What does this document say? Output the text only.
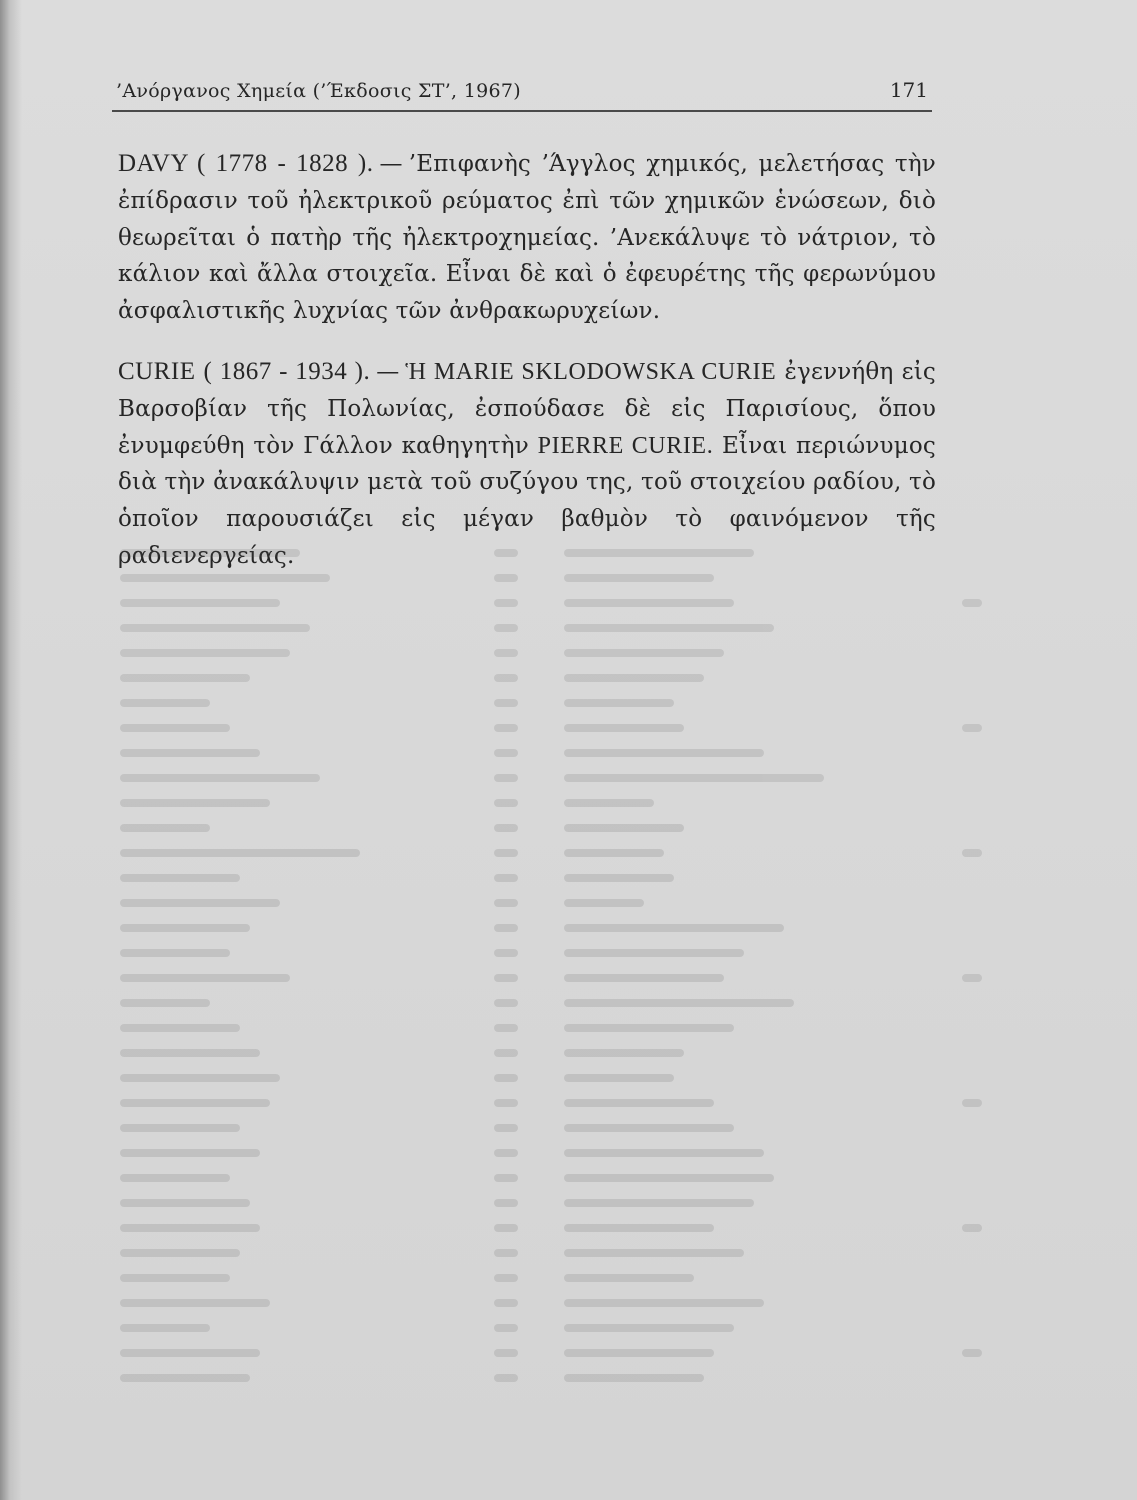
’Ανόργανος Χημεία (’Έκδοσις ΣΤ’, 1967)	171

DAVY ( 1778 - 1828 ). — ’Επιφανὴς ’Άγγλος χημικός, μελετήσας τὴν ἐπίδρασιν τοῦ ἠλεκτρικοῦ ρεύματος ἐπὶ τῶν χημικῶν ἑνώσεων, διὸ θεωρεῖται ὁ πατὴρ τῆς ἠλεκτροχημείας. ’Ανεκάλυψε τὸ νάτριον, τὸ κάλιον καὶ ἄλλα στοιχεῖα. Εἶναι δὲ καὶ ὁ ἐφευρέτης τῆς φερωνύμου ἀσφαλιστικῆς λυχνίας τῶν ἀνθρακωρυχείων.

CURIE ( 1867 - 1934 ). — Ἡ MARIE SKLODOWSKA CURIE ἐγεννήθη εἰς Βαρσοβίαν τῆς Πολωνίας, ἐσπούδασε δὲ εἰς Παρισίους, ὅπου ἐνυμφεύθη τὸν Γάλλον καθηγητὴν PIERRE CURIE. Εἶναι περιώνυμος διὰ τὴν ἀνακάλυψιν μετὰ τοῦ συζύγου της, τοῦ στοιχείου ραδίου, τὸ ὁποῖον παρουσιάζει εἰς μέγαν βαθμὸν τὸ φαινόμενον τῆς ραδιενεργείας.
